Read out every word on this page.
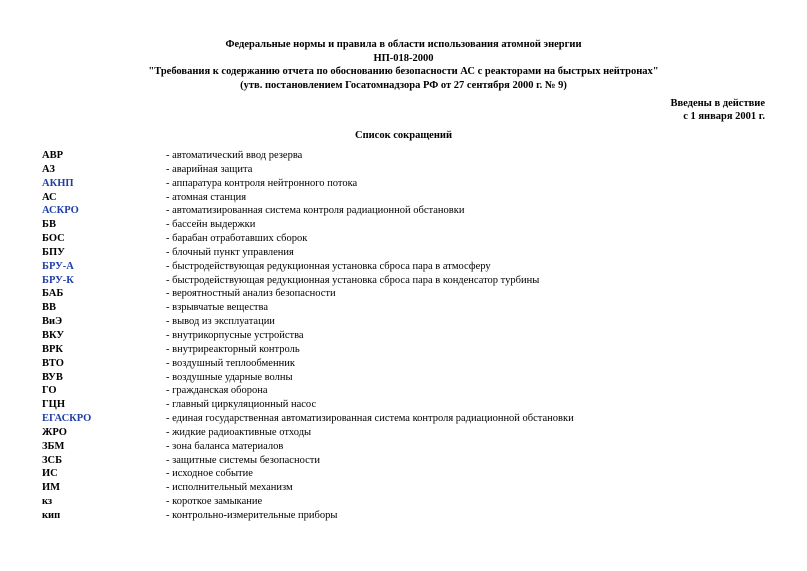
Федеральные нормы и правила в области использования атомной энергии
НП-018-2000
"Требования к содержанию отчета по обоснованию безопасности АС с реакторами на быстрых нейтронах"
(утв. постановлением Госатомнадзора РФ от 27 сентября 2000 г. № 9)
Введены в действие
с 1 января 2001 г.
Список сокращений
АВР	- автоматический ввод резерва
АЗ	- аварийная защита
АКНП	- аппаратура контроля нейтронного потока
АС	- атомная станция
АСКРО	- автоматизированная система контроля радиационной обстановки
БВ	- бассейн выдержки
БОС	- барабан отработавших сборок
БПУ	- блочный пункт управления
БРУ-А	- быстродействующая редукционная установка сброса пара в атмосферу
БРУ-К	- быстродействующая редукционная установка сброса пара в конденсатор турбины
БАБ	- вероятностный анализ безопасности
ВВ	- взрывчатые вещества
ВиЭ	- вывод из эксплуатации
ВКУ	- внутрикорпусные устройства
ВРК	- внутриреакторный контроль
ВТО	- воздушный теплообменник
ВУВ	- воздушные ударные волны
ГО	- гражданская оборона
ГЦН	- главный циркуляционный насос
ЕГАСКРО	- единая государственная автоматизированная система контроля радиационной обстановки
ЖРО	- жидкие радиоактивные отходы
ЗБМ	- зона баланса материалов
ЗСБ	- защитные системы безопасности
ИС	- исходное событие
ИМ	- исполнительный механизм
кз	- короткое замыкание
кип	- контрольно-измерительные приборы
